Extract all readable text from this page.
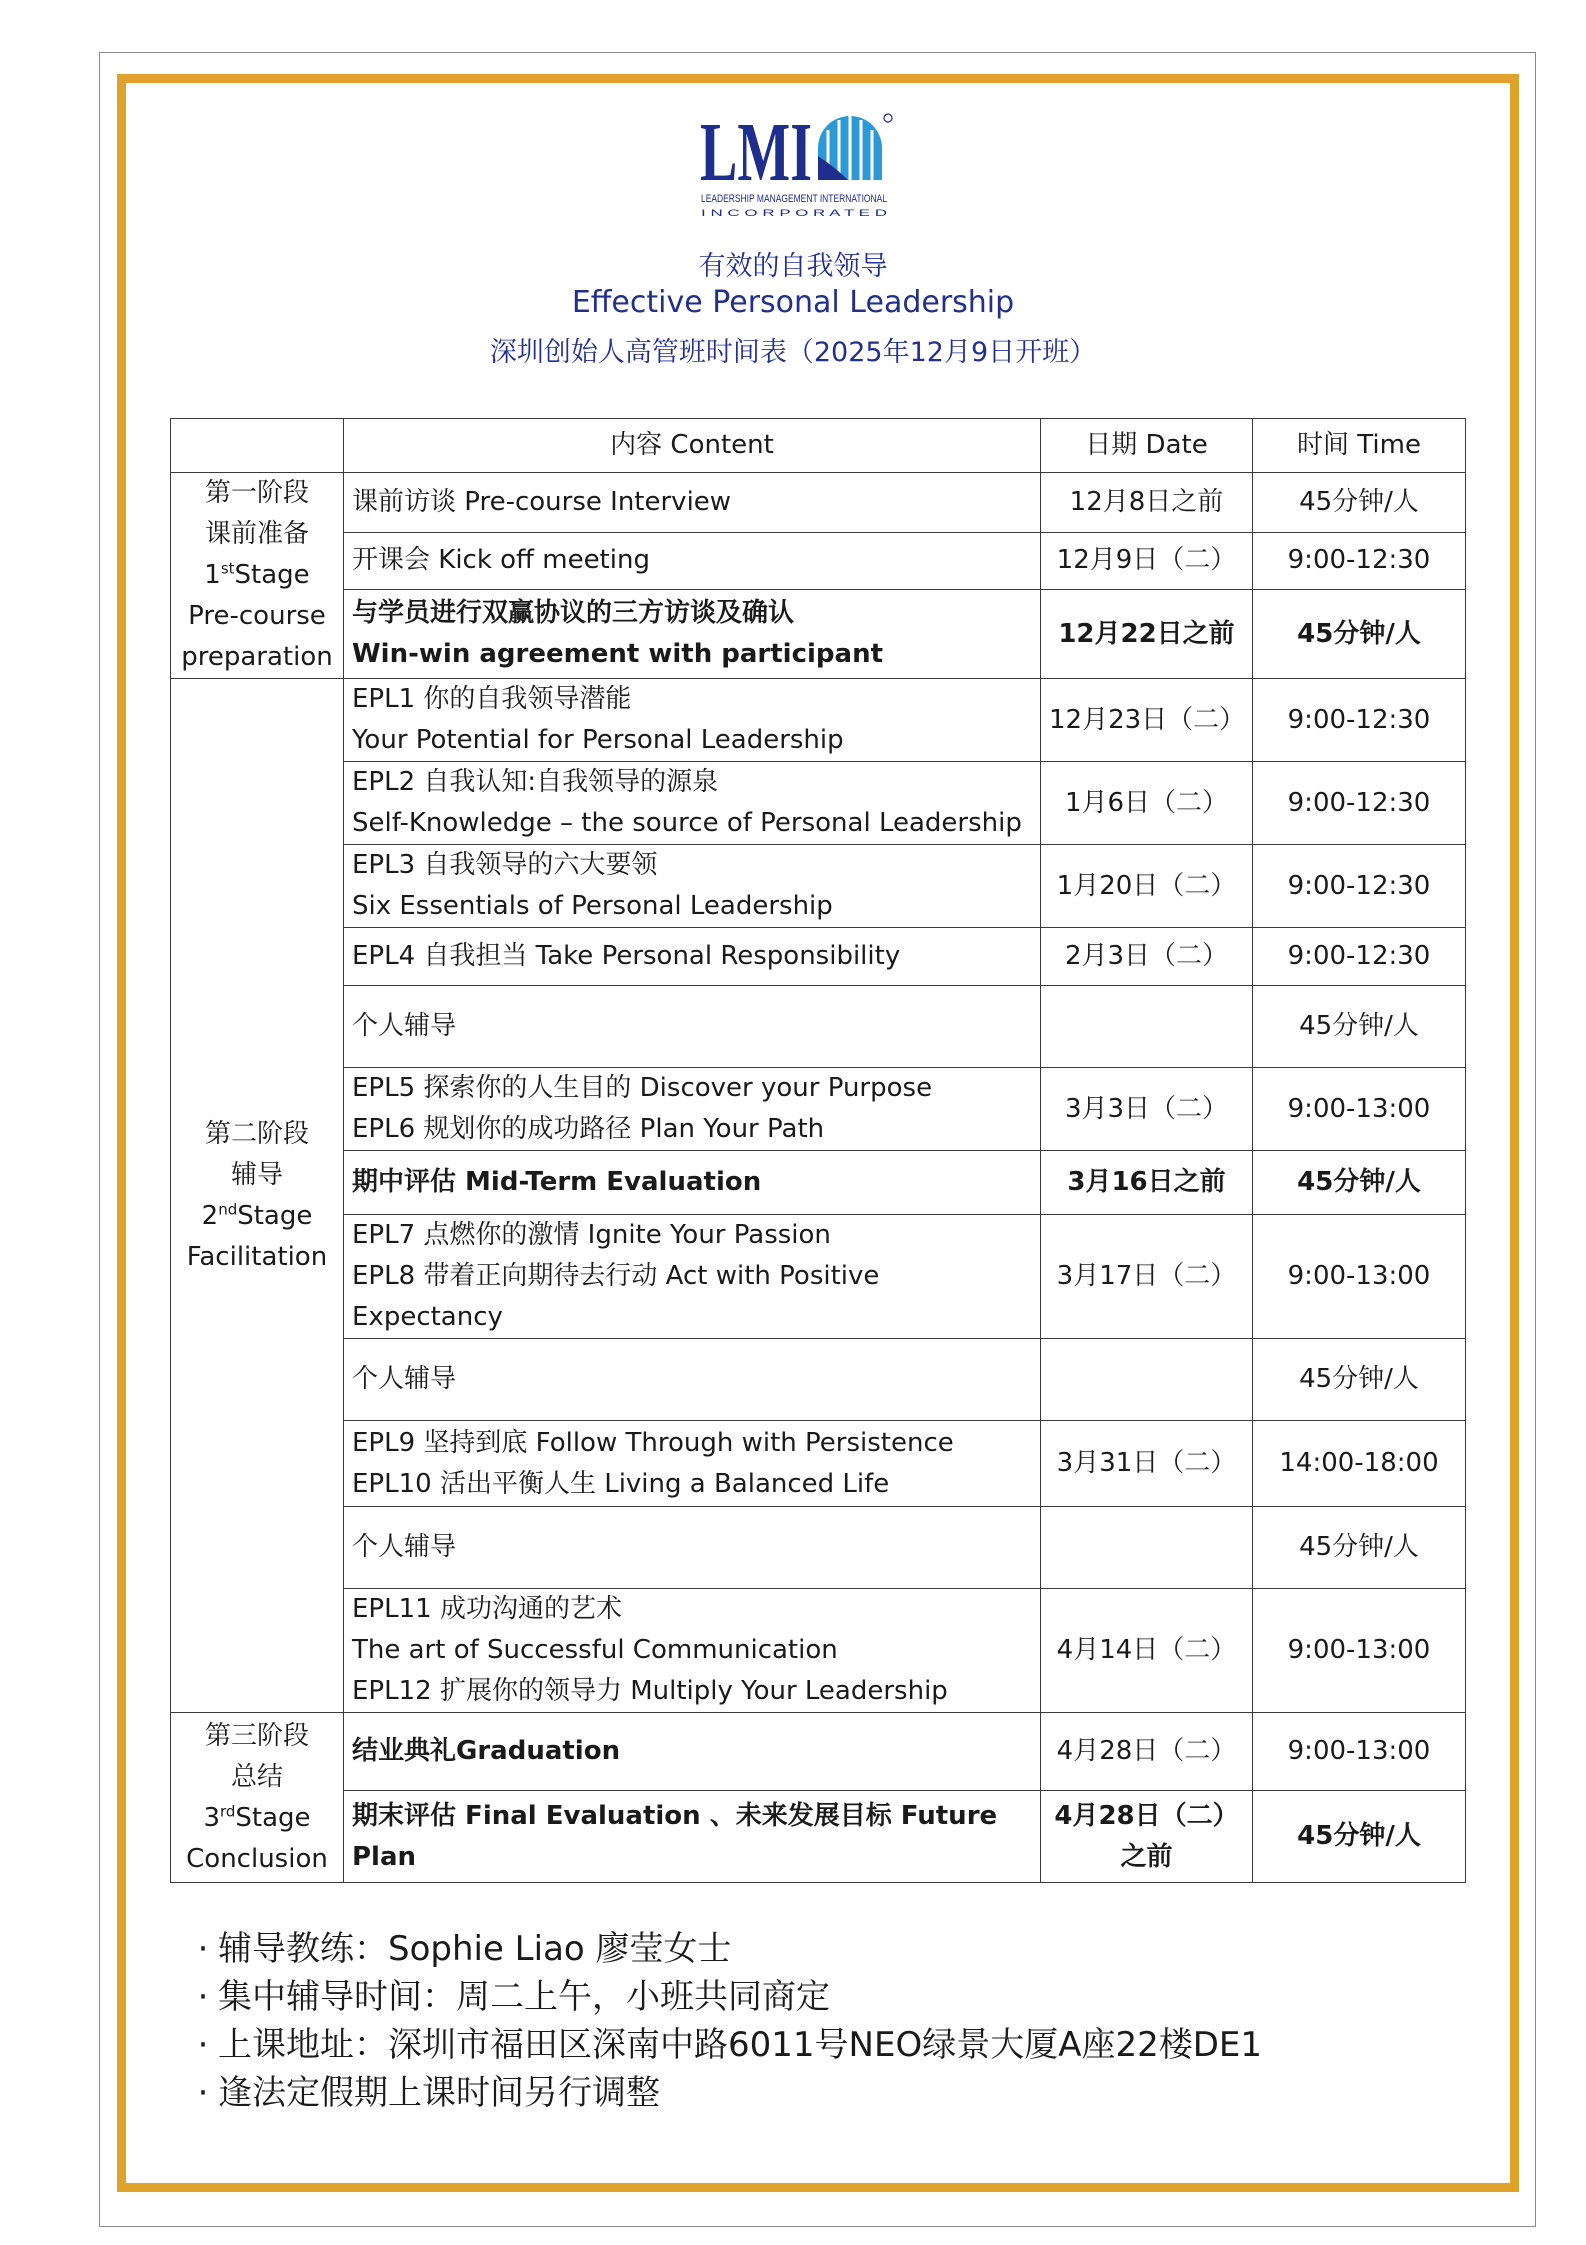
LMI
LEADERSHIP MANAGEMENT INTERNATIONAL
I N C O R P O R A T E D
有效的自我领导
Effective Personal Leadership
深圳创始人高管班时间表（2025年12月9日开班）
	内容 Content	日期 Date	时间 Time

第一阶段
课前准备
1stStage
Pre-course
preparation	课前访谈 Pre-course Interview	12月8日之前	45分钟/人
	开课会 Kick off meeting	12月9日（二）	9:00-12:30

	与学员进行双赢协议的三方访谈及确认
Win-win agreement with participant	12月22日之前	45分钟/人

第二阶段
辅导
2ndStage
Facilitation	EPL1 你的自我领导潜能
Your Potential for Personal Leadership	12月23日（二）	9:00-12:30

	EPL2 自我认知:自我领导的源泉
Self-Knowledge – the source of Personal Leadership	1月6日（二）	9:00-12:30

	EPL3 自我领导的六大要领
Six Essentials of Personal Leadership	1月20日（二）	9:00-12:30
	EPL4 自我担当 Take Personal Responsibility	2月3日（二）	9:00-12:30
	个人辅导		45分钟/人

	EPL5 探索你的人生目的 Discover your Purpose
EPL6 规划你的成功路径 Plan Your Path	3月3日（二）	9:00-13:00
	期中评估 Mid-Term Evaluation	3月16日之前	45分钟/人

	EPL7 点燃你的激情 Ignite Your Passion
EPL8 带着正向期待去行动 Act with Positive
Expectancy	3月17日（二）	9:00-13:00
	个人辅导		45分钟/人

	EPL9 坚持到底 Follow Through with Persistence
EPL10 活出平衡人生 Living a Balanced Life	3月31日（二）	14:00-18:00
	个人辅导		45分钟/人

	EPL11 成功沟通的艺术
The art of Successful Communication
EPL12 扩展你的领导力 Multiply Your Leadership	4月14日（二）	9:00-13:00

第三阶段
总结
3rdStage
Conclusion	结业典礼Graduation	4月28日（二）	9:00-13:00

	期末评估 Final Evaluation 、未来发展目标 Future
Plan	4月28日（二）
之前	45分钟/人
· 辅导教练：Sophie Liao 廖莹女士
· 集中辅导时间：周二上午，小班共同商定
· 上课地址：深圳市福田区深南中路6011号NEO绿景大厦A座22楼DE1
· 逢法定假期上课时间另行调整
